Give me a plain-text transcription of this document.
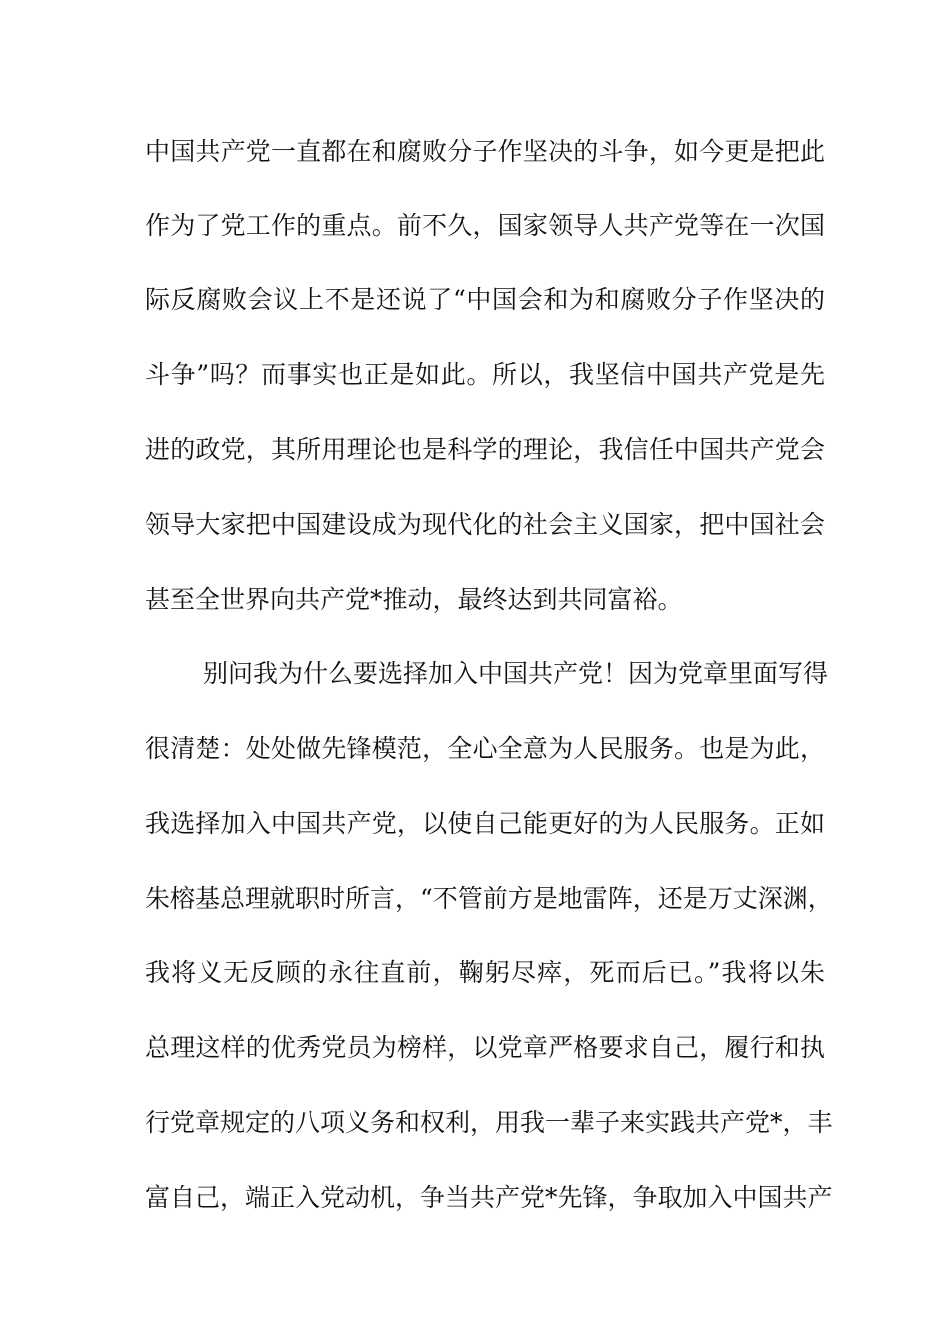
中国共产党一直都在和腐败分子作坚决的斗争，如今更是把此
作为了党工作的重点。前不久，国家领导人共产党等在一次国
际反腐败会议上不是还说了“中国会和为和腐败分子作坚决的
斗争”吗？而事实也正是如此。所以，我坚信中国共产党是先
进的政党，其所用理论也是科学的理论，我信任中国共产党会
领导大家把中国建设成为现代化的社会主义国家，把中国社会
甚至全世界向共产党*推动，最终达到共同富裕。
别问我为什么要选择加入中国共产党！因为党章里面写得
很清楚：处处做先锋模范，全心全意为人民服务。也是为此，
我选择加入中国共产党，以使自己能更好的为人民服务。正如
朱榕基总理就职时所言，“不管前方是地雷阵，还是万丈深渊，
我将义无反顾的永往直前，鞠躬尽瘁，死而后已。”我将以朱
总理这样的优秀党员为榜样，以党章严格要求自己，履行和执
行党章规定的八项义务和权利，用我一辈子来实践共产党*，丰
富自己，端正入党动机，争当共产党*先锋，争取加入中国共产
